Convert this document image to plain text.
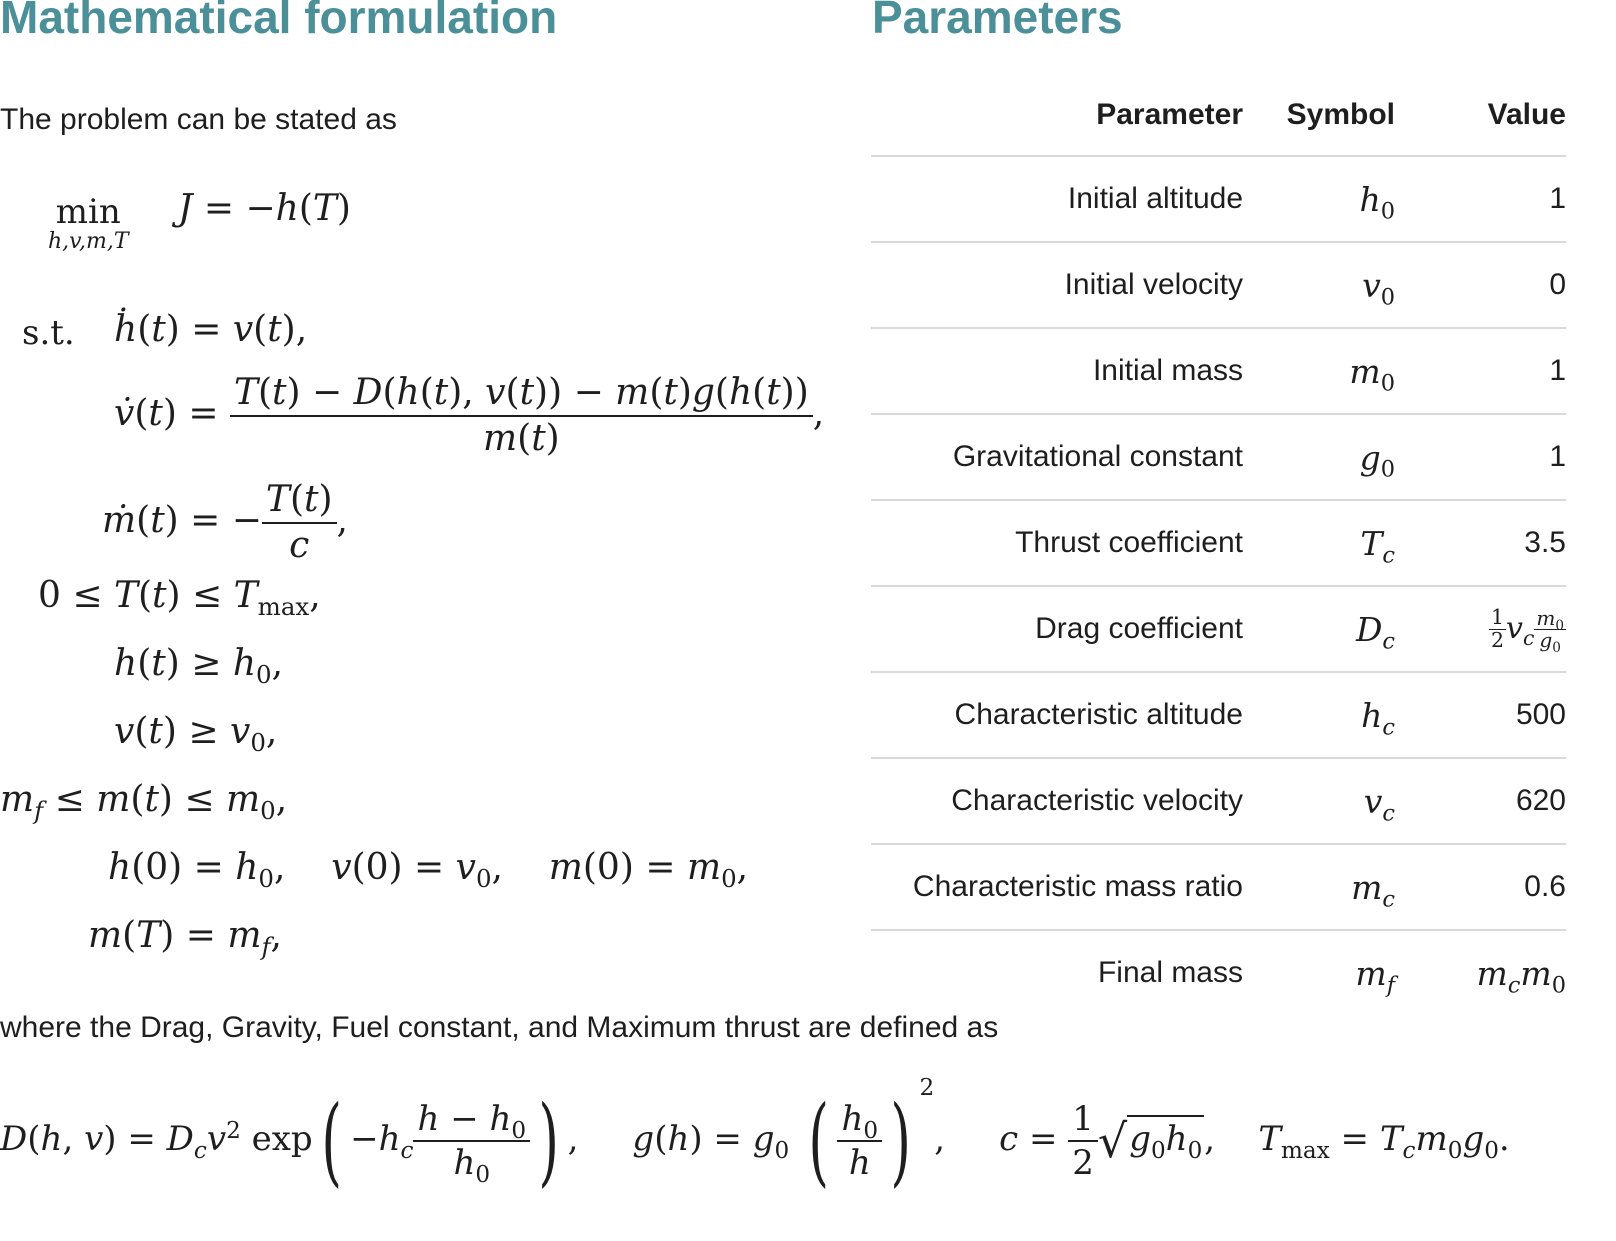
Mathematical formulation

The problem can be stated as

min
h,v,m,T
J = −h(T)
s.t. ḣ(t) = v(t),
v̇(t) = $\frac{T(t) - D(h(t), v(t)) - m(t)g(h(t))}{m(t)}$ ,
ṁ(t) = − $\frac{T(t)}{c}$ ,
$0 \le T(t) \le T_{max}$,
$h(t) \ge h_0$,
$v(t) \ge v_0$,
$m_f \le m(t) \le m_0$,
$h(0) = h_0$,    $v(0) = v_0$,    $m(0) = m_0$,
$m(T) = m_f$,

where the Drag, Gravity, Fuel constant, and Maximum thrust are defined as

D(h, $v) = D_cv^2$ $\exp( -h_c \frac{h - h_0}{h_0}$ ) ,     $g(h) = g_0$ ( $\frac{h_0}{h}$ ) $^2$,     $c = \frac{1}{2} √g_0h_0$,    $T_{max} = T_cm_0g_0$.
Parameters
Parameter	Symbol	Value
Initial altitude	$h_0$	1
Initial velocity	$v_0$	0
Initial mass	$m_0$	1
Gravitational constant	$g_0$	1
Thrust coefficient	$T_c$	3.5
Drag coefficient	$D_c$	$\frac{1}{2} v_c \frac{m_0}{g_0}$

Characteristic altitude	$h_c$	500
Characteristic velocity	$v_c$	620
Characteristic mass ratio	$m_c$	0.6
Final mass	$m_f$	$m_cm_0$
